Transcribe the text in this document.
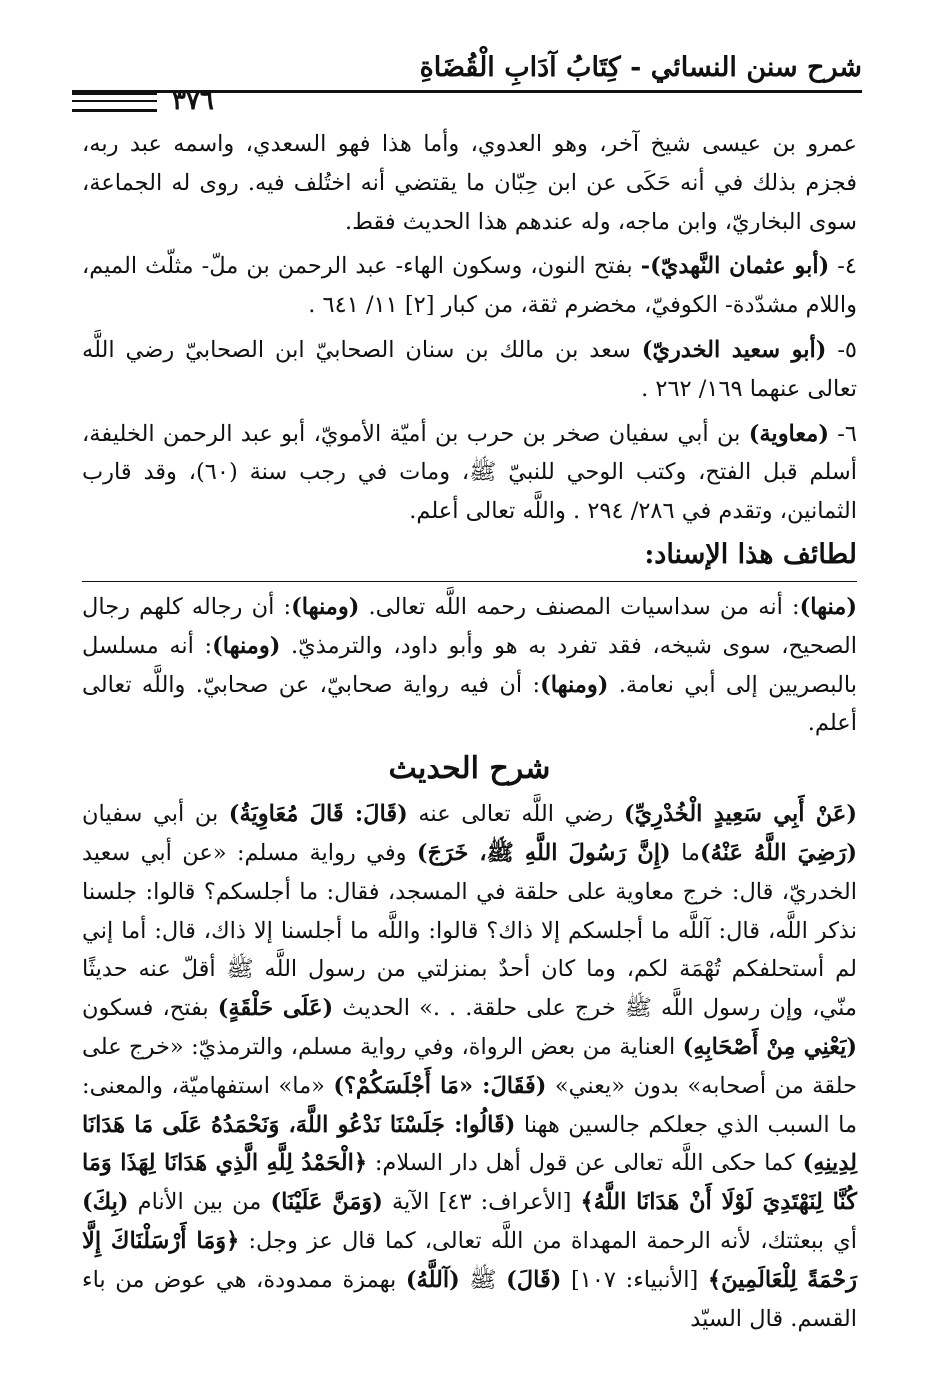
شرح سنن النسائي - كِتَابُ آدَابِ الْقُضَاةِ
٣٧٦

عمرو بن عيسى شيخ آخر، وهو العدوي، وأما هذا فهو السعدي، واسمه عبد ربه، فجزم بذلك في أنه حَكَى عن ابن حِبّان ما يقتضي أنه اختُلف فيه. روى له الجماعة، سوى البخاريّ، وابن ماجه، وله عندهم هذا الحديث فقط.

٤- (أبو عثمان النَّهديّ)- بفتح النون، وسكون الهاء- عبد الرحمن بن ملّ- مثلّث الميم، واللام مشدّدة- الكوفيّ، مخضرم ثقة، من كبار [٢] ١١/ ٦٤١ .

٥- (أبو سعيد الخدريّ) سعد بن مالك بن سنان الصحابيّ ابن الصحابيّ رضي اللَّه تعالى عنهما ١٦٩/ ٢٦٢ .

٦- (معاوية) بن أبي سفيان صخر بن حرب بن أميّة الأمويّ، أبو عبد الرحمن الخليفة، أسلم قبل الفتح، وكتب الوحي للنبيّ ﷺ، ومات في رجب سنة (٦٠)، وقد قارب الثمانين، وتقدم في ٢٨٦/ ٢٩٤ . واللَّه تعالى أعلم.

لطائف هذا الإسناد:

(منها): أنه من سداسيات المصنف رحمه اللَّه تعالى. (ومنها): أن رجاله كلهم رجال الصحيح، سوى شيخه، فقد تفرد به هو وأبو داود، والترمذيّ. (ومنها): أنه مسلسل بالبصريين إلى أبي نعامة. (ومنها): أن فيه رواية صحابيّ، عن صحابيّ. واللَّه تعالى أعلم.

شرح الحديث

(عَنْ أَبِي سَعِيدٍ الْخُدْرِيِّ) رضي اللَّه تعالى عنه (قَالَ: قَالَ مُعَاوِيَةُ) بن أبي سفيان (رَضِيَ اللَّهُ عَنْهُ)ما (إِنَّ رَسُولَ اللَّهِ ﷺ، خَرَجَ) وفي رواية مسلم: «عن أبي سعيد الخدريّ، قال: خرج معاوية على حلقة في المسجد، فقال: ما أجلسكم؟ قالوا: جلسنا نذكر اللَّه، قال: آللَّه ما أجلسكم إلا ذاك؟ قالوا: واللَّه ما أجلسنا إلا ذاك، قال: أما إني لم أستحلفكم تُهْمَة لكم، وما كان أحدٌ بمنزلتي من رسول اللَّه ﷺ أقلّ عنه حديثًا منّي، وإن رسول اللَّه ﷺ خرج على حلقة. . .» الحديث (عَلَى حَلْقَةٍ) بفتح، فسكون (يَعْنِي مِنْ أَصْحَابِهِ) العناية من بعض الرواة، وفي رواية مسلم، والترمذيّ: «خرج على حلقة من أصحابه» بدون «يعني» (فَقَالَ: «مَا أَجْلَسَكُمْ؟) «ما» استفهاميّة، والمعنى: ما السبب الذي جعلكم جالسين ههنا (قَالُوا: جَلَسْنَا نَدْعُو اللَّهَ، وَنَحْمَدُهُ عَلَى مَا هَدَانَا لِدِينِهِ) كما حكى اللَّه تعالى عن قول أهل دار السلام: ﴿الْحَمْدُ لِلَّهِ الَّذِي هَدَانَا لِهَذَا وَمَا كُنَّا لِنَهْتَدِيَ لَوْلَا أَنْ هَدَانَا اللَّهُ﴾ [الأعراف: ٤٣] الآية (وَمَنَّ عَلَيْنَا) من بين الأنام (بِكَ) أي ببعثتك، لأنه الرحمة المهداة من اللَّه تعالى، كما قال عز وجل: ﴿وَمَا أَرْسَلْنَاكَ إِلَّا رَحْمَةً لِلْعَالَمِينَ﴾ [الأنبياء: ١٠٧] (قَالَ) ﷺ (آللَّهُ) بهمزة ممدودة، هي عوض من باء القسم. قال السيّد
